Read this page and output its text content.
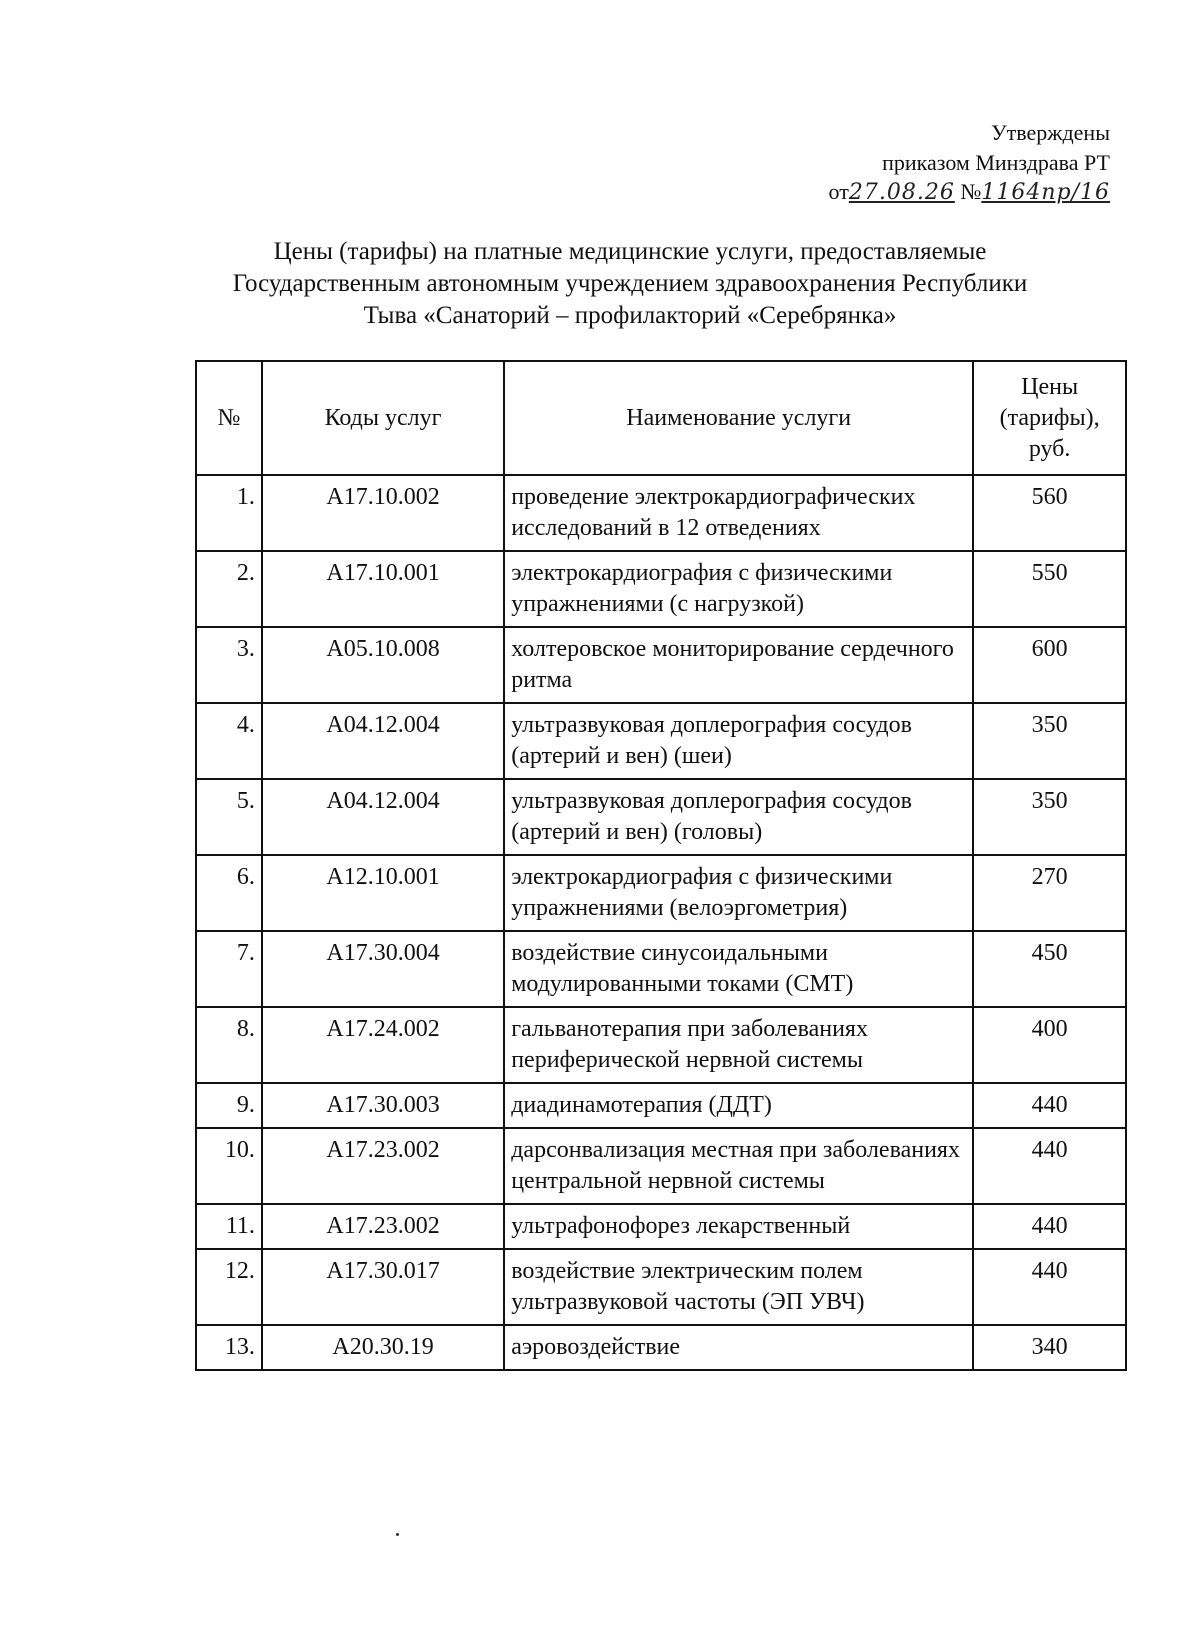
Утверждены
приказом Минздрава РТ
от27.08.26 №1164пр/16
Цены (тарифы) на платные медицинские услуги, предоставляемые
Государственным автономным учреждением здравоохранения Республики
Тыва «Санаторий – профилакторий «Серебрянка»
№	Коды услуг	Наименование услуги	Цены (тарифы), руб.
1.	A17.10.002	проведение электрокардиографических исследований в 12 отведениях	560
2.	A17.10.001	электрокардиография с физическими упражнениями (с нагрузкой)	550
3.	A05.10.008	холтеровское мониторирование сердечного ритма	600
4.	A04.12.004	ультразвуковая доплерография сосудов (артерий и вен) (шеи)	350
5.	A04.12.004	ультразвуковая доплерография сосудов (артерий и вен) (головы)	350
6.	A12.10.001	электрокардиография с физическими упражнениями (велоэргометрия)	270
7.	A17.30.004	воздействие синусоидальными модулированными токами (СМТ)	450
8.	A17.24.002	гальванотерапия при заболеваниях периферической нервной системы	400
9.	A17.30.003	диадинамотерапия (ДДТ)	440
10.	A17.23.002	дарсонвализация местная при заболеваниях центральной нервной системы	440
11.	A17.23.002	ультрафонофорез лекарственный	440
12.	A17.30.017	воздействие электрическим полем ультразвуковой частоты (ЭП УВЧ)	440
13.	A20.30.19	аэровоздействие	340
